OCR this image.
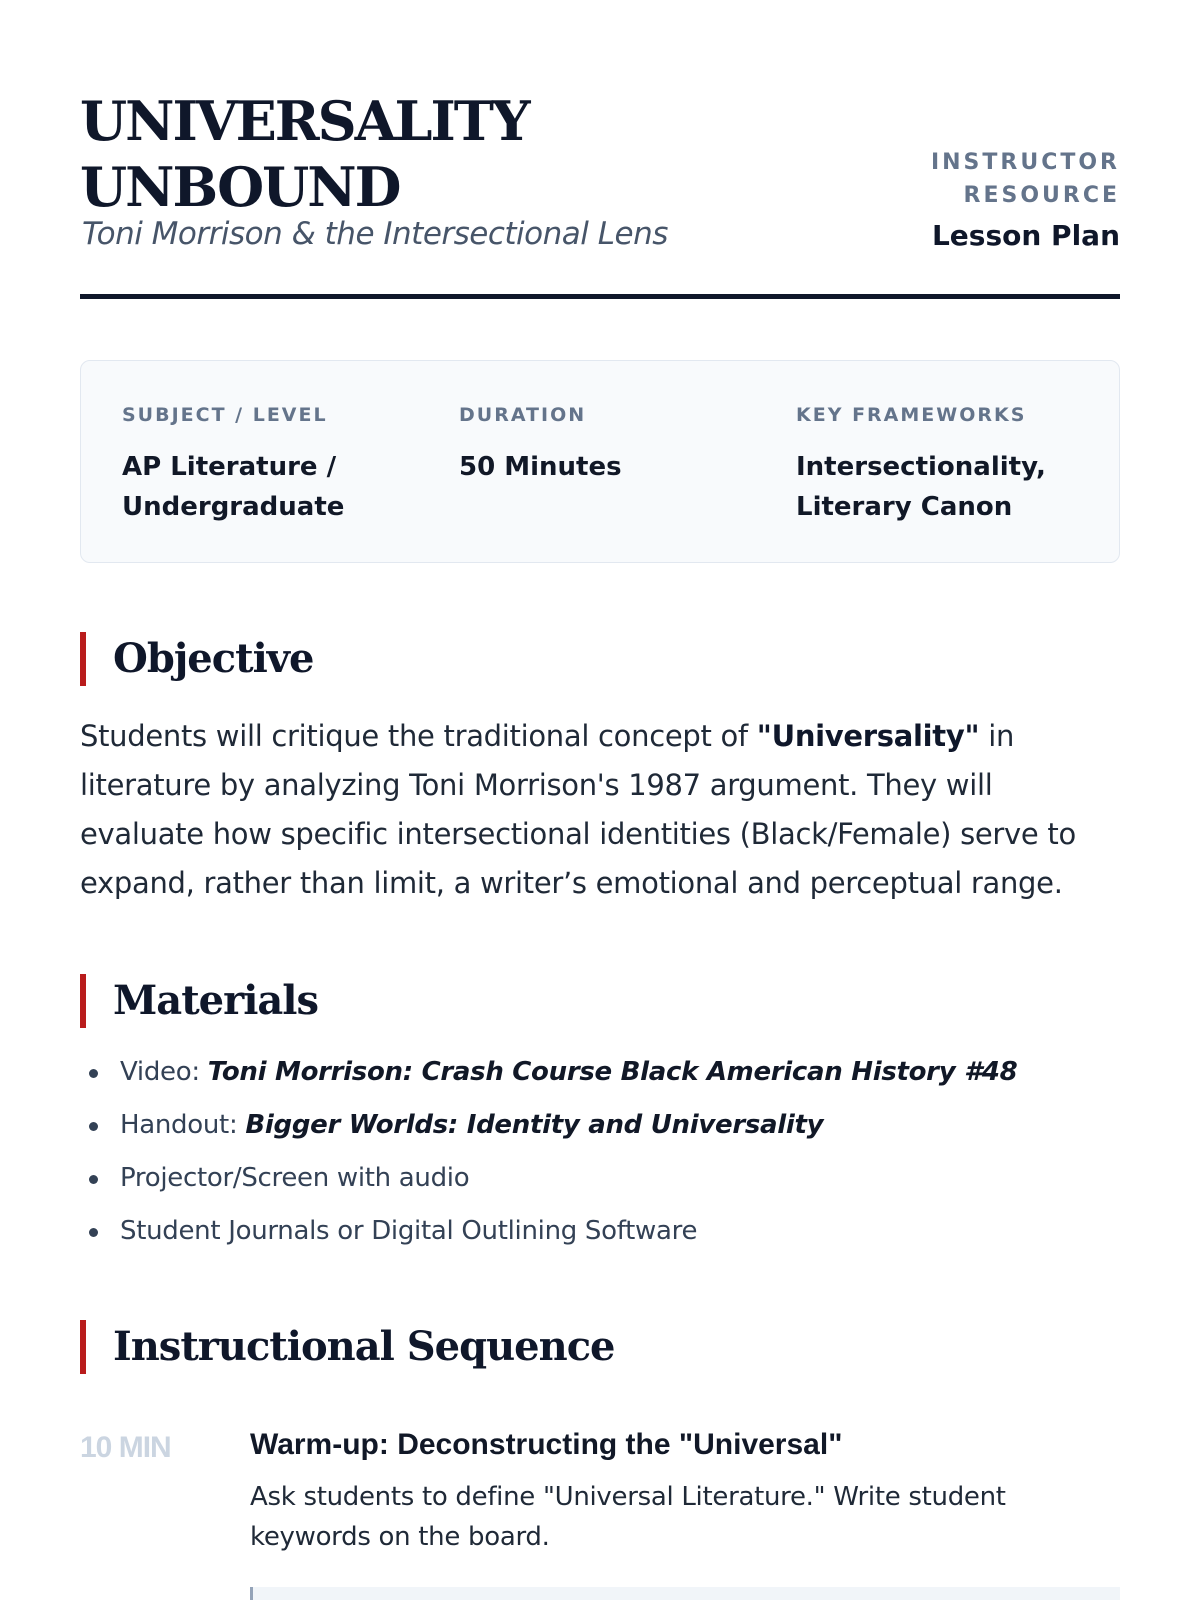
UNIVERSALITY
UNBOUND
Toni Morrison & the Intersectional Lens
INSTRUCTOR
RESOURCE
Lesson Plan
SUBJECT / LEVEL
AP Literature / Undergraduate
DURATION
50 Minutes
KEY FRAMEWORKS
Intersectionality, Literary Canon
Objective

Students will critique the traditional concept of "Universality" in literature by analyzing Toni Morrison's 1987 argument. They will evaluate how specific intersectional identities (Black/Female) serve to expand, rather than limit, a writer’s emotional and perceptual range.

Materials
Video: Toni Morrison: Crash Course Black American History #48
Handout: Bigger Worlds: Identity and Universality
Projector/Screen with audio
Student Journals or Digital Outlining Software
Instructional Sequence
10 MIN	Warm-up: Deconstructing the "Universal"
Ask students to define "Universal Literature." Write student keywords on the board.
